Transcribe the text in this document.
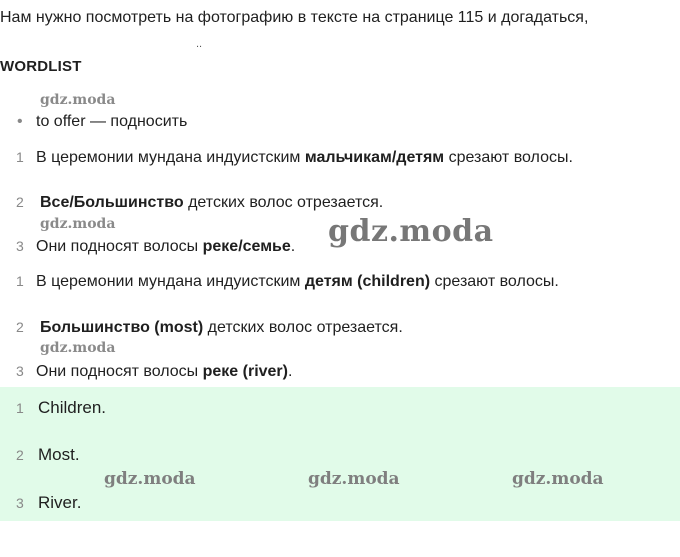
Нам нужно посмотреть на фотографию в тексте на странице 115 и догадаться,
..
WORDLIST
gdz.moda
gdz.moda
gdz.moda
• to offer — подносить
1 В церемонии мундана индуистским мальчикам/детям срезают волосы.
2 Все/Большинство детских волос отрезается.
3 Они подносят волосы реке/семье. gdz.moda
1 В церемонии мундана индуистским детям (children) срезают волосы.
2 Большинство (most) детских волос отрезается.
3 Они подносят волосы реке (river).
1 Children.
2 Most.
3 River.
gdz.moda	gdz.moda	gdz.moda
